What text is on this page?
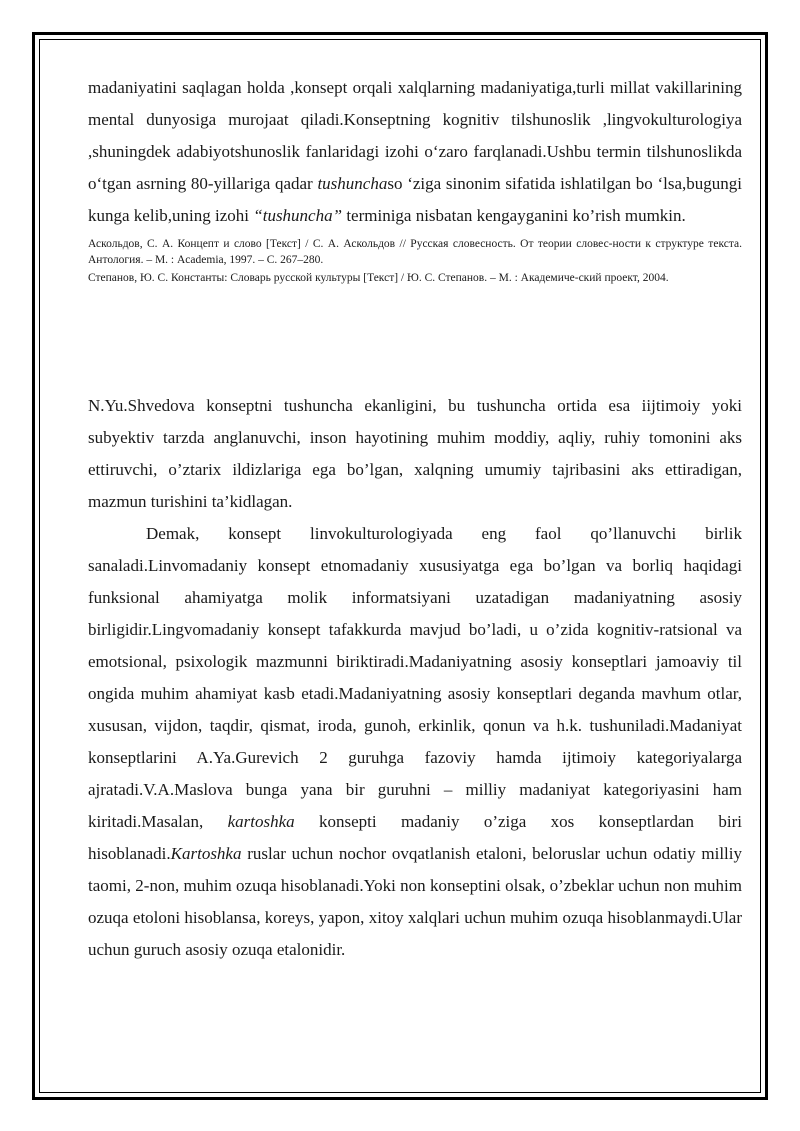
madaniyatini saqlagan holda ,konsept orqali xalqlarning madaniyatiga,turli millat vakillarining mental dunyosiga murojaat qiladi.Konseptning kognitiv tilshunoslik ,lingvokulturologiya ,shuningdek adabiyotshunoslik fanlaridagi izohi o‘zaro farqlanadi.Ushbu termin tilshunoslikda o‘tgan asrning 80-yillariga qadar tushunchaso ‘ziga sinonim sifatida ishlatilgan bo ‘lsa,bugungi kunga kelib,uning izohi “tushuncha” terminiga nisbatan kengayganini ko’rish mumkin.

Аскольдов, С. А. Концепт и слово [Текст] / С. А. Аскольдов // Русская словесность. От теории словес-ности к структуре текста. Антология. – М. : Academia, 1997. – С. 267–280.

Степанов, Ю. С. Константы: Словарь русской культуры [Текст] / Ю. С. Степанов. – М. : Академиче-ский проект, 2004.

N.Yu.Shvedova konseptni tushuncha ekanligini, bu tushuncha ortida esa iijtimoiy yoki subyektiv tarzda anglanuvchi, inson hayotining muhim moddiy, aqliy, ruhiy tomonini aks ettiruvchi, o’ztarix ildizlariga ega bo’lgan, xalqning umumiy tajribasini aks ettiradigan, mazmun turishini ta’kidlagan.

Demak, konsept linvokulturologiyada eng faol qo’llanuvchi birlik sanaladi.Linvomadaniy konsept etnomadaniy xususiyatga ega bo’lgan va borliq haqidagi funksional ahamiyatga molik informatsiyani uzatadigan madaniyatning asosiy birligidir.Lingvomadaniy konsept tafakkurda mavjud bo’ladi, u o’zida kognitiv-ratsional va emotsional, psixologik mazmunni biriktiradi.Madaniyatning asosiy konseptlari jamoaviy til ongida muhim ahamiyat kasb etadi.Madaniyatning asosiy konseptlari deganda mavhum otlar, xususan, vijdon, taqdir, qismat, iroda, gunoh, erkinlik, qonun va h.k. tushuniladi.Madaniyat konseptlarini A.Ya.Gurevich 2 guruhga fazoviy hamda ijtimoiy kategoriyalarga ajratadi.V.A.Maslova bunga yana bir guruhni – milliy madaniyat kategoriyasini ham kiritadi.Masalan, kartoshka konsepti madaniy o’ziga xos konseptlardan biri hisoblanadi.Kartoshka ruslar uchun nochor ovqatlanish etaloni, beloruslar uchun odatiy milliy taomi, 2-non, muhim ozuqa hisoblanadi.Yoki non konseptini olsak, o’zbeklar uchun non muhim ozuqa etoloni hisoblansa, koreys, yapon, xitoy xalqlari uchun muhim ozuqa hisoblanmaydi.Ular uchun guruch asosiy ozuqa etalonidir.
